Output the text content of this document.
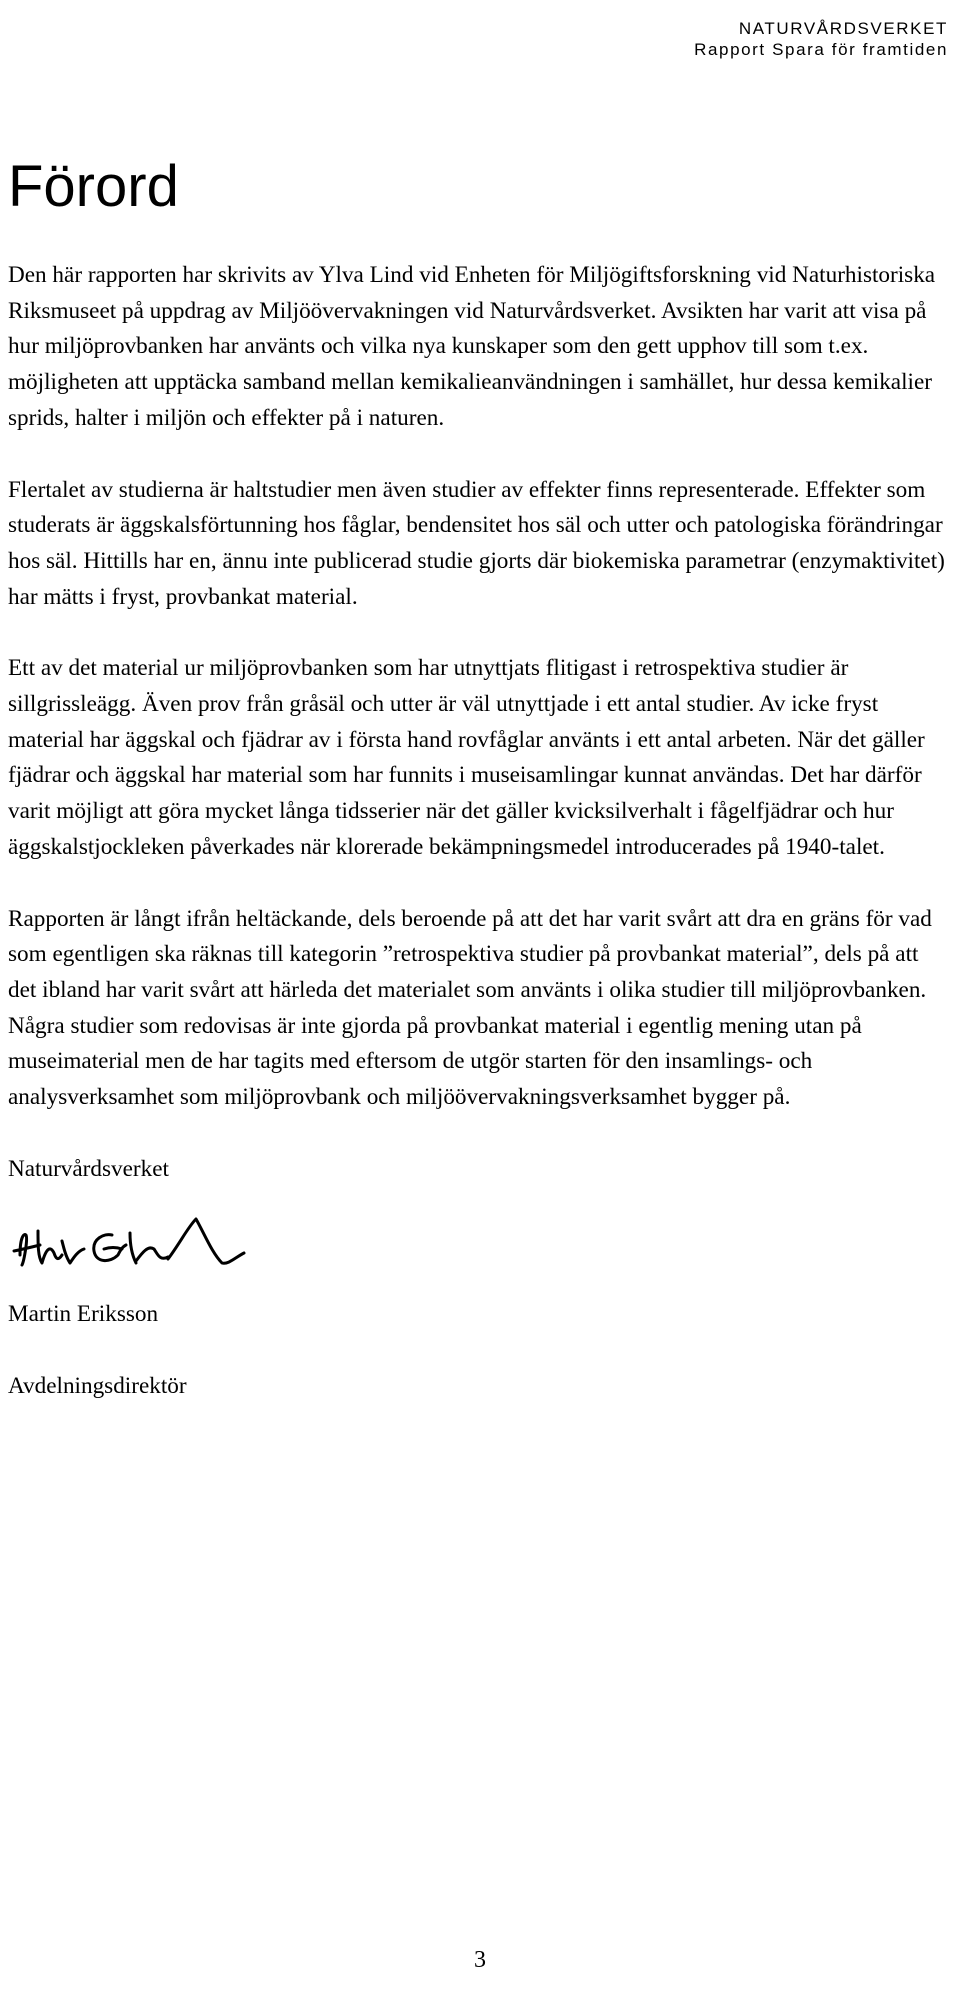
NATURVÅRDSVERKET
Rapport Spara för framtiden
Förord

Den här rapporten har skrivits av Ylva Lind vid Enheten för Miljögiftsforskning vid Naturhistoriska Riksmuseet på uppdrag av Miljöövervakningen vid Naturvårdsverket. Avsikten har varit att visa på hur miljöprovbanken har använts och vilka nya kunskaper som den gett upphov till som t.ex. möjligheten att upptäcka samband mellan kemikalieanvändningen i samhället, hur dessa kemikalier sprids, halter i miljön och effekter på i naturen.

Flertalet av studierna är haltstudier men även studier av effekter finns representerade. Effekter som studerats är äggskalsförtunning hos fåglar, bendensitet hos säl och utter och patologiska förändringar hos säl. Hittills har en, ännu inte publicerad studie gjorts där biokemiska parametrar (enzymaktivitet) har mätts i fryst, provbankat material.

Ett av det material ur miljöprovbanken som har utnyttjats flitigast i retrospektiva studier är sillgrissleägg. Även prov från gråsäl och utter är väl utnyttjade i ett antal studier. Av icke fryst material har äggskal och fjädrar av i första hand rovfåglar använts i ett antal arbeten. När det gäller fjädrar och äggskal har material som har funnits i museisamlingar kunnat användas. Det har därför varit möjligt att göra mycket långa tidsserier när det gäller kvicksilverhalt i fågelfjädrar och hur äggskalstjockleken påverkades när klorerade bekämpningsmedel introducerades på 1940-talet.

Rapporten är långt ifrån heltäckande, dels beroende på att det har varit svårt att dra en gräns för vad som egentligen ska räknas till kategorin ”retrospektiva studier på provbankat material”, dels på att det ibland har varit svårt att härleda det materialet som använts i olika studier till miljöprovbanken. Några studier som redovisas är inte gjorda på provbankat material i egentlig mening utan på museimaterial men de har tagits med eftersom de utgör starten för den insamlings- och analysverksamhet som miljöprovbank och miljöövervakningsverksamhet bygger på.

Naturvårdsverket

Martin Eriksson

Avdelningsdirektör

3
